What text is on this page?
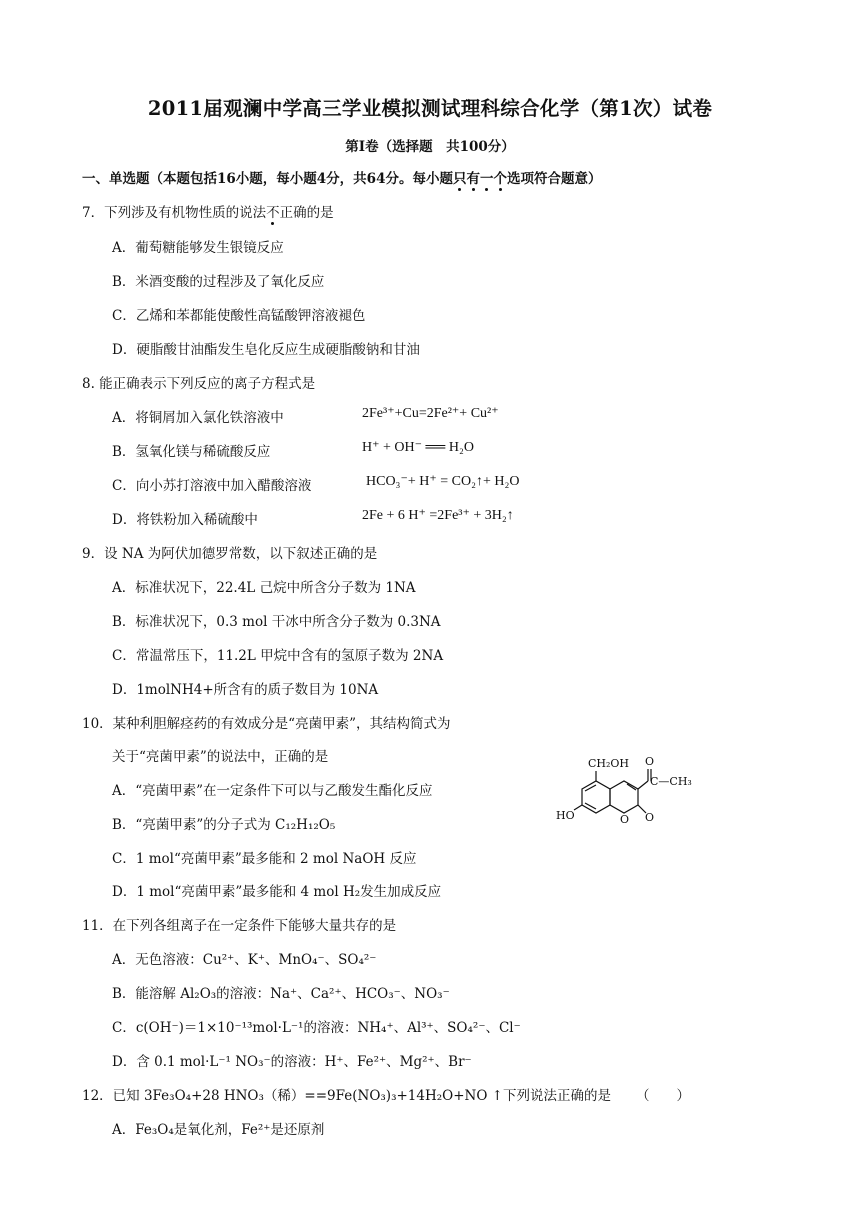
2011届观澜中学高三学业模拟测试理科综合化学（第1次）试卷
第Ⅰ卷（选择题　共100分）
一、单选题（本题包括16小题，每小题4分，共64分。每小题只有一个选项符合题意）
7．下列涉及有机物性质的说法不正确的是
A．葡萄糖能够发生银镜反应
B．米酒变酸的过程涉及了氧化反应
C．乙烯和苯都能使酸性高锰酸钾溶液褪色
D．硬脂酸甘油酯发生皂化反应生成硬脂酸钠和甘油
8. 能正确表示下列反应的离子方程式是
A．将铜屑加入氯化铁溶液中	2Fe³⁺+Cu=2Fe²⁺+ Cu²⁺
B．氢氧化镁与稀硫酸反应	H⁺ + OH⁻ ══ H₂O
C．向小苏打溶液中加入醋酸溶液	HCO₃⁻+ H⁺ = CO₂↑+ H₂O
D．将铁粉加入稀硫酸中	2Fe + 6 H⁺ =2Fe³⁺ + 3H₂↑
9．设 NA 为阿伏加德罗常数，以下叙述正确的是
A．标准状况下，22.4L 己烷中所含分子数为 1NA
B．标准状况下，0.3 mol 干冰中所含分子数为 0.3NA
C．常温常压下，11.2L 甲烷中含有的氢原子数为 2NA
D．1molNH4+所含有的质子数目为 10NA
10．某种利胆解痉药的有效成分是“亮菌甲素”，其结构简式为
关于“亮菌甲素”的说法中，正确的是
A．“亮菌甲素”在一定条件下可以与乙酸发生酯化反应
B．“亮菌甲素”的分子式为 C₁₂H₁₂O₅
C．1 mol“亮菌甲素”最多能和 2 mol NaOH 反应
D．1 mol“亮菌甲素”最多能和 4 mol H₂发生加成反应
CH₂OH O
C—CH₃
HO	O O
11．在下列各组离子在一定条件下能够大量共存的是
A．无色溶液：Cu²⁺、K⁺、MnO₄⁻、SO₄²⁻
B．能溶解 Al₂O₃的溶液：Na⁺、Ca²⁺、HCO₃⁻、NO₃⁻
C．c(OH⁻)＝1×10⁻¹³mol·L⁻¹的溶液：NH₄⁺、Al³⁺、SO₄²⁻、Cl⁻
D．含 0.1 mol·L⁻¹ NO₃⁻的溶液：H⁺、Fe²⁺、Mg²⁺、Br⁻
12．已知 3Fe₃O₄+28 HNO₃（稀）==9Fe(NO₃)₃+14H₂O+NO ↑下列说法正确的是 （　　）
A．Fe₃O₄是氧化剂，Fe²⁺是还原剂
